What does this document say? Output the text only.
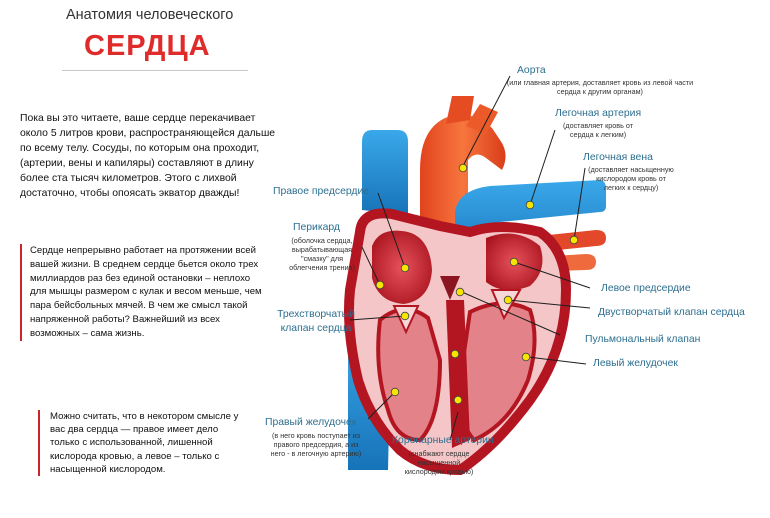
Анатомия человеческого
СЕРДЦА
Пока вы это читаете, ваше сердце перекачивает около 5 литров крови, распространяющейся дальше по всему телу. Сосуды, по которым она проходит, (артерии, вены и капиляры) составляют в длину более ста тысяч километров. Этого с лихвой достаточно, чтобы опоясать экватор дважды!
Сердце непрерывно работает на протяжении всей вашей жизни. В среднем сердце бьется около трех миллиардов раз без единой остановки – неплохо для мышцы размером с кулак и весом меньше, чем пара бейсбольных мячей. В чем же смысл такой напряженной работы? Важнейший из всех возможных – сама жизнь.
Можно считать, что в некотором смысле у вас два сердца — правое имеет дело только с использованной, лишенной кислорода кровью, а левое – только с насыщенной кислородом.
Аорта
(или главная артерия, доставляет кровь из левой части сердца к другим органам)
Легочная артерия
(доставляет кровь от сердца к легким)
Легочная вена
(доставляет насыщенную кислородом кровь от легких к сердцу)
Правое предсердие
Перикард
(оболочка сердца, вырабатывающая "смазку" для облегчения трения)
Трехстворчатый клапан сердца
Правый желудочек
(в него кровь поступает из правого предсердия, а из него - в легочную артерию)
Коронарные артерии
(снабжают сердце насыщенной кислородом кровью)
Левое предсердие
Двустворчатый клапан сердца
Пульмональный клапан
Левый желудочек
